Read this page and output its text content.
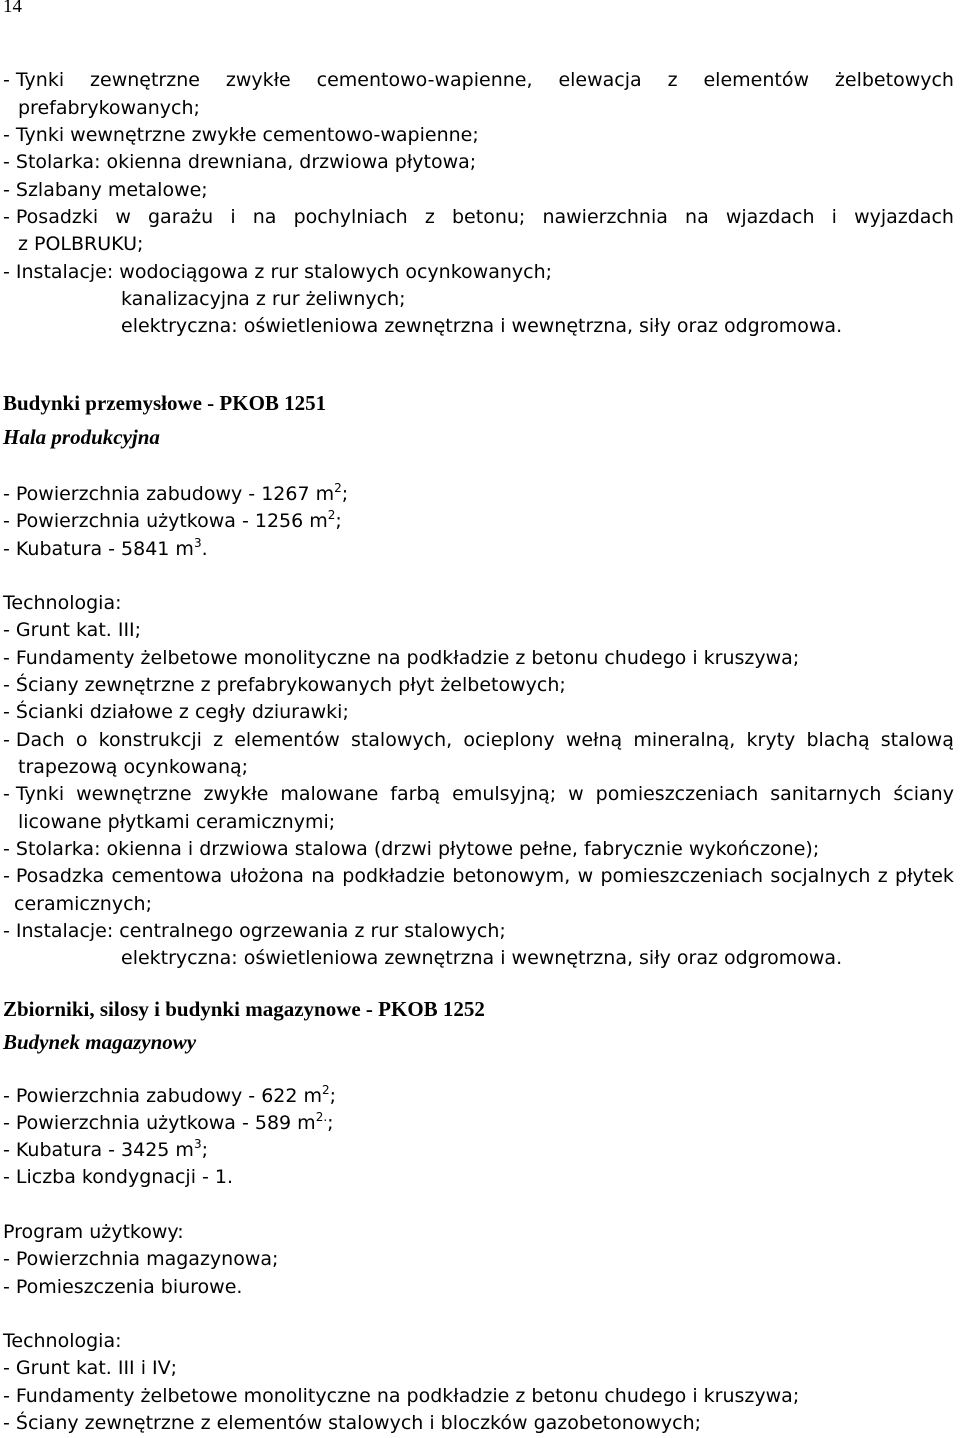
14
- Tynki zewnętrzne zwykłe cementowo-wapienne, elewacja z elementów żelbetowych
prefabrykowanych;
- Tynki wewnętrzne zwykłe cementowo-wapienne;
- Stolarka: okienna drewniana, drzwiowa płytowa;
- Szlabany metalowe;
- Posadzki w garażu i na pochylniach z betonu; nawierzchnia na wjazdach i wyjazdach
z POLBRUKU;
- Instalacje: wodociągowa z rur stalowych ocynkowanych;
kanalizacyjna z rur żeliwnych;
elektryczna: oświetleniowa zewnętrzna i wewnętrzna, siły oraz odgromowa.
Budynki przemysłowe - PKOB 1251
Hala produkcyjna
- Powierzchnia zabudowy - 1267 $m^2$;
- Powierzchnia użytkowa - 1256 $m^2$;
- Kubatura - 5841 $m^3$.
Technologia:
- Grunt kat. III;
- Fundamenty żelbetowe monolityczne na podkładzie z betonu chudego i kruszywa;
- Ściany zewnętrzne z prefabrykowanych płyt żelbetowych;
- Ścianki działowe z cegły dziurawki;
- Dach o konstrukcji z elementów stalowych, ocieplony wełną mineralną, kryty blachą stalową
trapezową ocynkowaną;
- Tynki wewnętrzne zwykłe malowane farbą emulsyjną; w pomieszczeniach sanitarnych ściany
licowane płytkami ceramicznymi;
- Stolarka: okienna i drzwiowa stalowa (drzwi płytowe pełne, fabrycznie wykończone);
- Posadzka cementowa ułożona na podkładzie betonowym, w pomieszczeniach socjalnych z płytek
ceramicznych;
- Instalacje: centralnego ogrzewania z rur stalowych;
elektryczna: oświetleniowa zewnętrzna i wewnętrzna, siły oraz odgromowa.
Zbiorniki, silosy i budynki magazynowe - PKOB 1252
Budynek magazynowy
- Powierzchnia zabudowy - 622 $m^2$;
- Powierzchnia użytkowa - 589 $m^{2.}$;
- Kubatura - 3425 $m^3$;
- Liczba kondygnacji - 1.
Program użytkowy:
- Powierzchnia magazynowa;
- Pomieszczenia biurowe.
Technologia:
- Grunt kat. III i IV;
- Fundamenty żelbetowe monolityczne na podkładzie z betonu chudego i kruszywa;
- Ściany zewnętrzne z elementów stalowych i bloczków gazobetonowych;
